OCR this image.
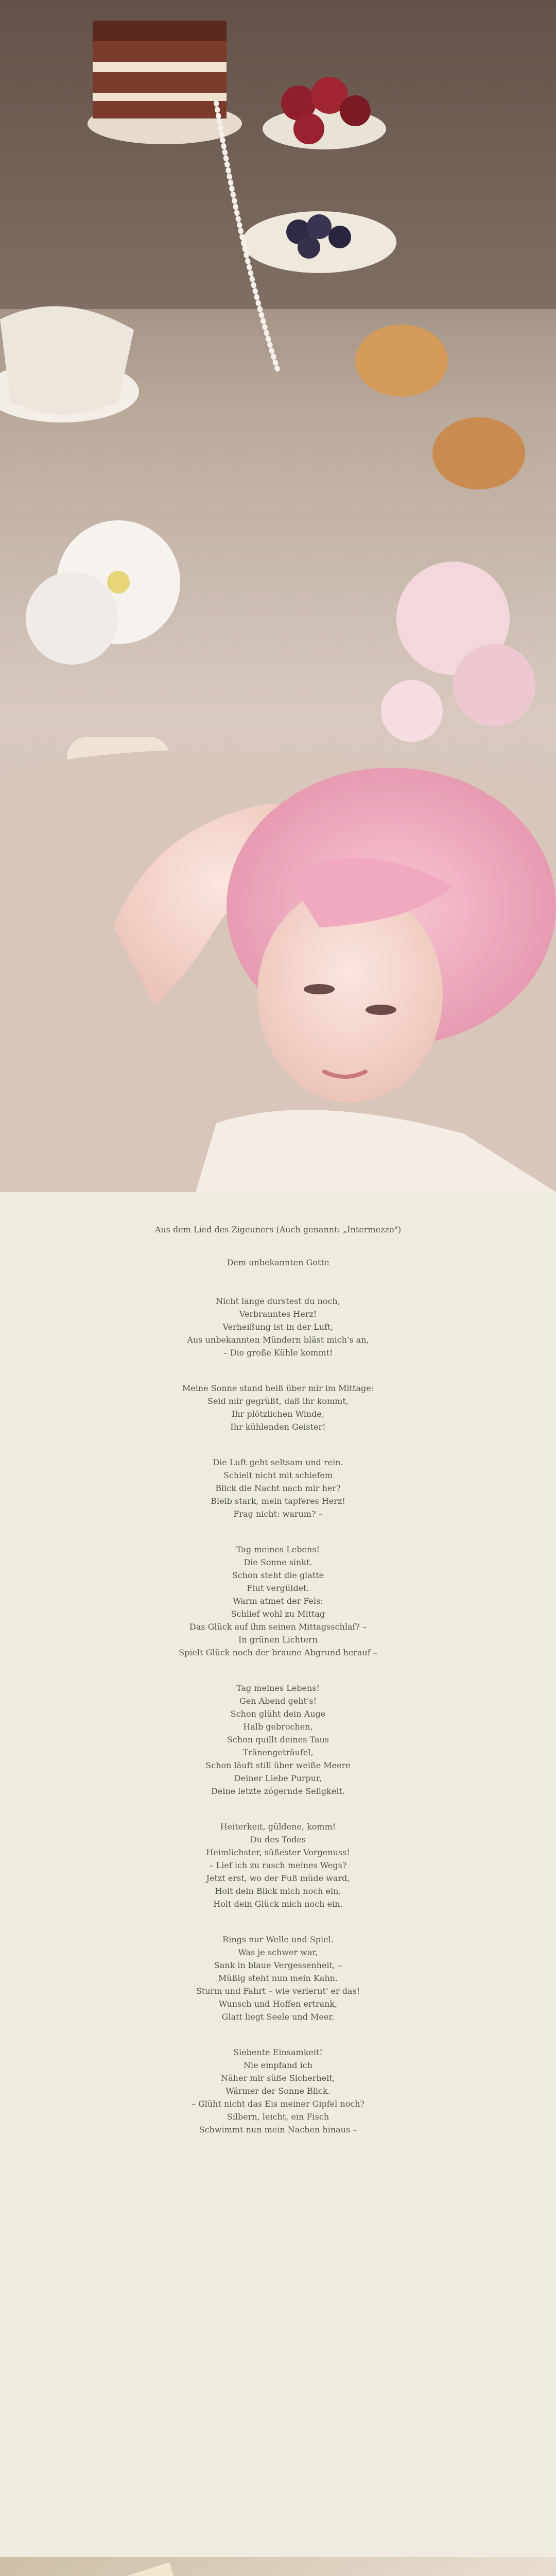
Aus dem Lied des Zigeuners (Auch genannt: „Intermezzo")
Dem unbekannten Gotte
Nicht lange durstest du noch,
Verbranntes Herz!
Verheißung ist in der Luft,
Aus unbekannten Mündern bläst mich's an,
– Die große Kühle kommt!
Meine Sonne stand heiß über mir im Mittage:
Seid mir gegrüßt, daß ihr kommt,
Ihr plötzlichen Winde,
Ihr kühlenden Geister!
Die Luft geht seltsam und rein.
Schielt nicht mit schiefem
Blick die Nacht nach mir her?
Bleib stark, mein tapferes Herz!
Frag nicht: warum? –
Tag meines Lebens!
Die Sonne sinkt.
Schon steht die glatte
Flut vergüldet.
Warm atmet der Fels:
Schlief wohl zu Mittag
Das Glück auf ihm seinen Mittagsschlaf? –
In grünen Lichtern
Spielt Glück noch der braune Abgrund herauf –
Tag meines Lebens!
Gen Abend geht's!
Schon glüht dein Auge
Halb gebrochen,
Schon quillt deines Taus
Tränengeträufel,
Schon läuft still über weiße Meere
Deiner Liebe Purpur,
Deine letzte zögernde Seligkeit.
Heiterkeit, güldene, komm!
Du des Todes
Heimlichster, süßester Vorgenuss!
– Lief ich zu rasch meines Wegs?
Jetzt erst, wo der Fuß müde ward,
Holt dein Blick mich noch ein,
Holt dein Glück mich noch ein.
Rings nur Welle und Spiel.
Was je schwer war,
Sank in blaue Vergessenheit, –
Müßig steht nun mein Kahn.
Sturm und Fahrt – wie verlernt' er das!
Wunsch und Hoffen ertrank,
Glatt liegt Seele und Meer.
Siebente Einsamkeit!
Nie empfand ich
Näher mir süße Sicherheit,
Wärmer der Sonne Blick.
– Glüht nicht das Eis meiner Gipfel noch?
Silbern, leicht, ein Fisch
Schwimmt nun mein Nachen hinaus –
